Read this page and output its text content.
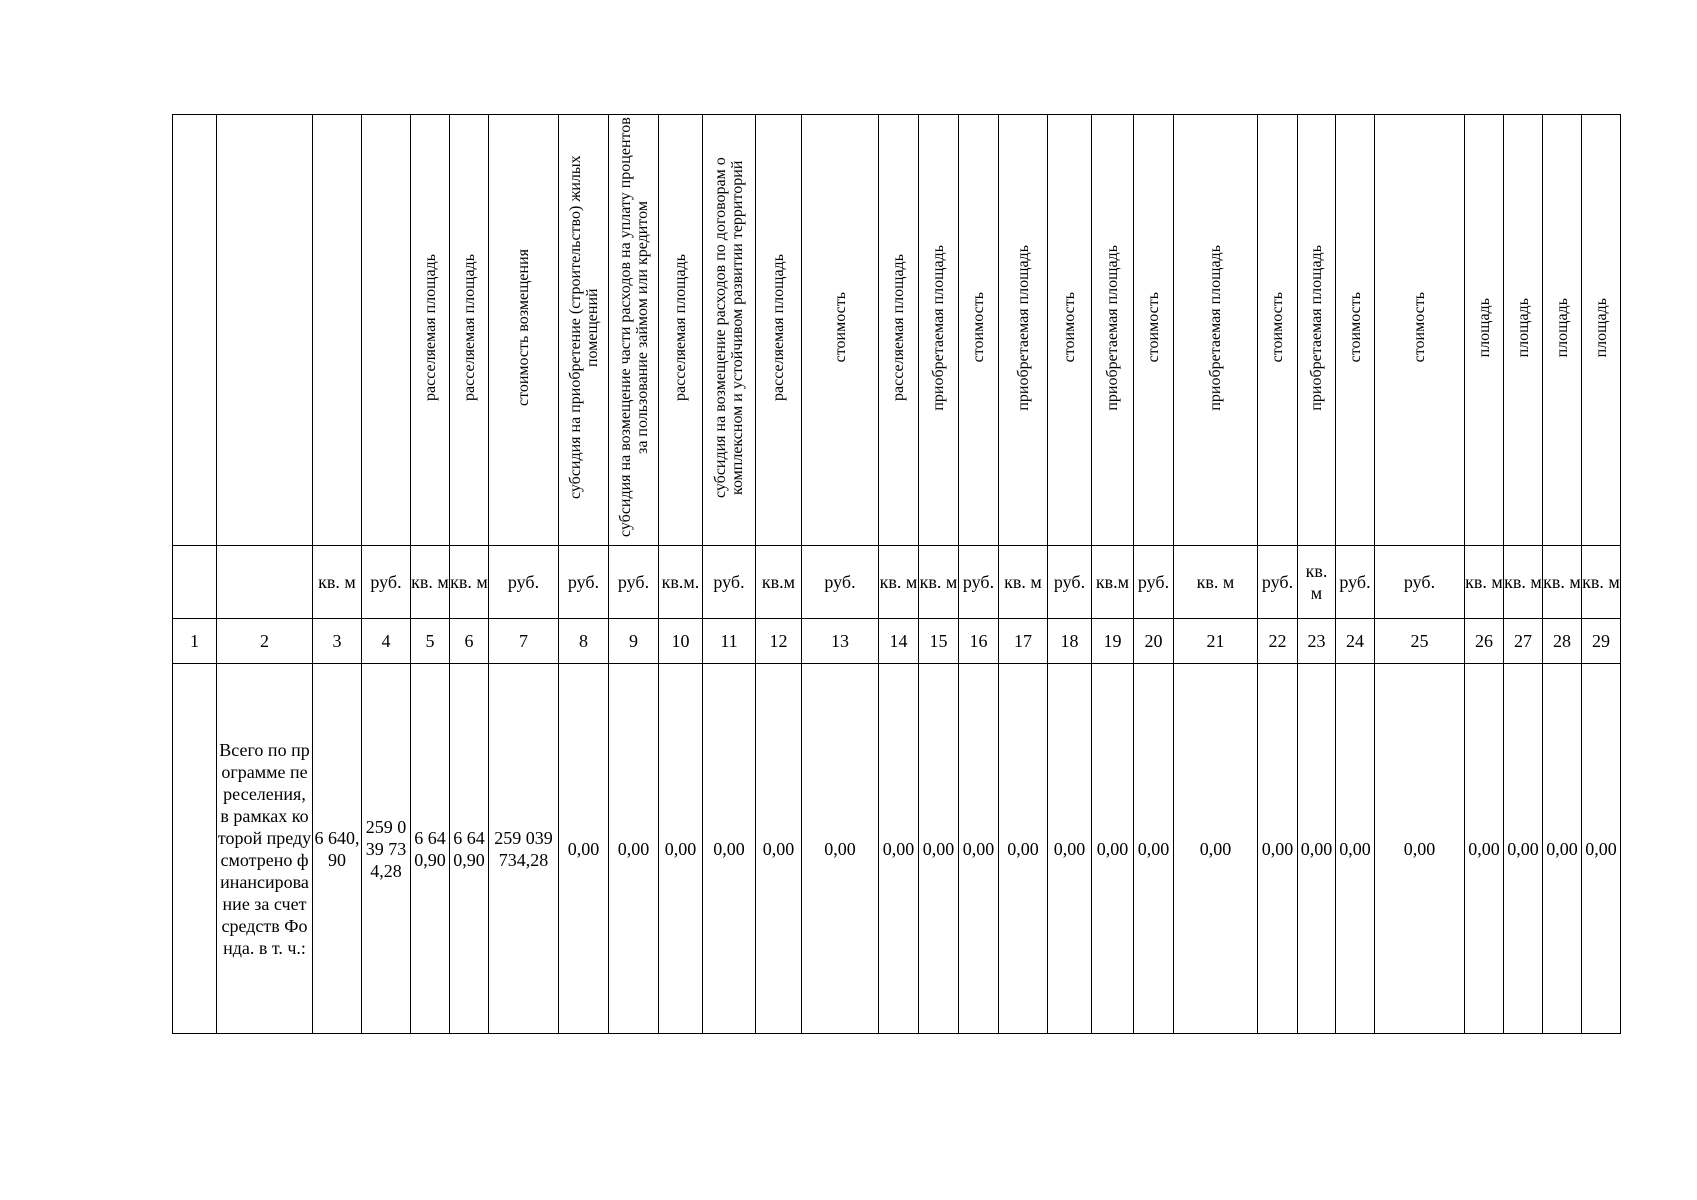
				расселяемая площадь	расселяемая площадь	стоимость возмещения	субсидия на приобретение (строительство) жилых помещений	субсидия на возмещение части расходов на уплату процентов за пользование займом или кредитом	расселяемая площадь	субсидия на возмещение расходов по договорам о комплексном и устойчивом развитии территорий	расселяемая площадь	стоимость	расселяемая площадь	приобретаемая площадь	стоимость	приобретаемая площадь	стоимость	приобретаемая площадь	стоимость	приобретаемая площадь	стоимость	приобретаемая площадь	стоимость	стоимость	площадь	площадь	площадь	площадь

		кв. м	руб.	кв. м	кв. м	руб.	руб.	руб.	кв.м.	руб.	кв.м	руб.	кв. м	кв. м	руб.	кв. м	руб.	кв.м	руб.	кв. м	руб.	кв. м	руб.	руб.	кв. м	кв. м	кв. м	кв. м

1	2	3	4	5	6	7	8	9	10	11	12	13	14	15	16	17	18	19	20	21	22	23	24	25	26	27	28	29

	Всего по программе переселения, в рамках которой предусмотрено финансирование за счет средств Фонда. в т. ч.:	6 640,90	259 039 734,28	6 640,90	6 640,90	259 039 734,28	0,00	0,00	0,00	0,00	0,00	0,00	0,00	0,00	0,00	0,00	0,00	0,00	0,00	0,00	0,00	0,00	0,00	0,00	0,00	0,00	0,00	0,00
